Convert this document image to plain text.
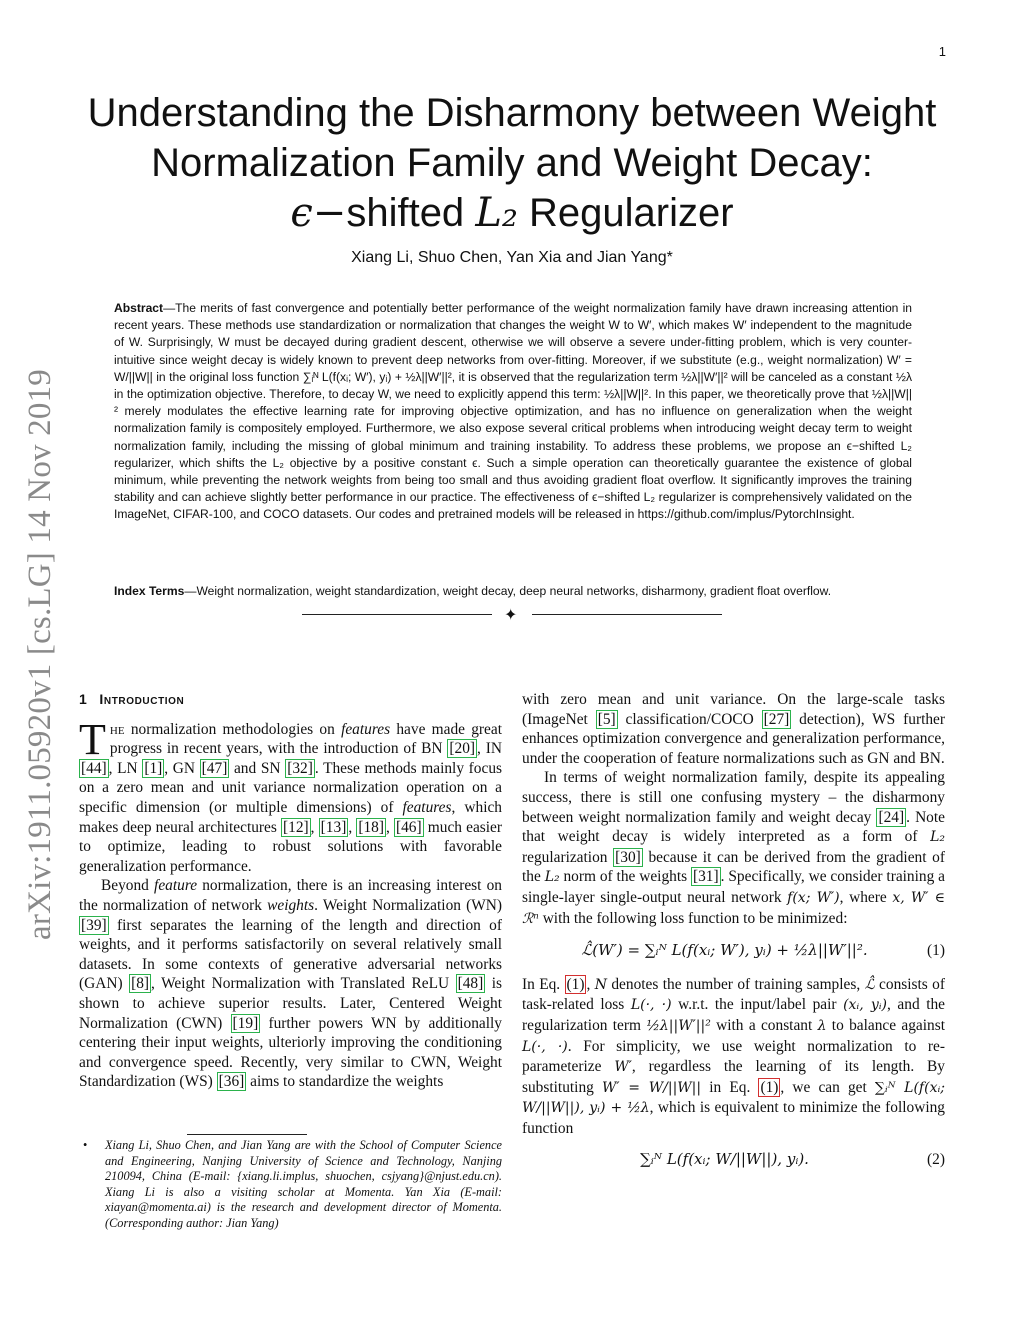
1
arXiv:1911.05920v1 [cs.LG] 14 Nov 2019
Understanding the Disharmony between Weight
Normalization Family and Weight Decay:
ϵ−shifted L₂ Regularizer
Xiang Li, Shuo Chen, Yan Xia and Jian Yang*
Abstract—The merits of fast convergence and potentially better performance of the weight normalization family have drawn increasing attention in recent years. These methods use standardization or normalization that changes the weight W to W′, which makes W′ independent to the magnitude of W. Surprisingly, W must be decayed during gradient descent, otherwise we will observe a severe under-fitting problem, which is very counter-intuitive since weight decay is widely known to prevent deep networks from over-fitting. Moreover, if we substitute (e.g., weight normalization) W′ = W/||W|| in the original loss function ∑ᵢᴺ L(f(xᵢ; W′), yᵢ) + ½λ||W′||², it is observed that the regularization term ½λ||W′||² will be canceled as a constant ½λ in the optimization objective. Therefore, to decay W, we need to explicitly append this term: ½λ||W||². In this paper, we theoretically prove that ½λ||W||² merely modulates the effective learning rate for improving objective optimization, and has no influence on generalization when the weight normalization family is compositely employed. Furthermore, we also expose several critical problems when introducing weight decay term to weight normalization family, including the missing of global minimum and training instability. To address these problems, we propose an ϵ−shifted L₂ regularizer, which shifts the L₂ objective by a positive constant ϵ. Such a simple operation can theoretically guarantee the existence of global minimum, while preventing the network weights from being too small and thus avoiding gradient float overflow. It significantly improves the training stability and can achieve slightly better performance in our practice. The effectiveness of ϵ−shifted L₂ regularizer is comprehensively validated on the ImageNet, CIFAR-100, and COCO datasets. Our codes and pretrained models will be released in https://github.com/implus/PytorchInsight.
Index Terms—Weight normalization, weight standardization, weight decay, deep neural networks, disharmony, gradient float overflow.
✦
1 Introduction

The normalization methodologies on features have made great progress in recent years, with the introduction of BN [20] , IN [44] , LN [1] , GN [47] and SN [32] . These methods mainly focus on a zero mean and unit variance normalization operation on a specific dimension (or multiple dimensions) of features, which makes deep neural architectures [12] , [13] , [18] , [46] much easier to optimize, leading to robust solutions with favorable generalization performance.

Beyond feature normalization, there is an increasing interest on the normalization of network weights. Weight Normalization (WN) [39] first separates the learning of the length and direction of weights, and it performs satisfactorily on several relatively small datasets. In some contexts of generative adversarial networks (GAN) [8] , Weight Normalization with Translated ReLU [48] is shown to achieve superior results. Later, Centered Weight Normalization (CWN) [19] further powers WN by additionally centering their input weights, ulteriorly improving the conditioning and convergence speed. Recently, very similar to CWN, Weight Standardization (WS) [36] aims to standardize the weights

• Xiang Li, Shuo Chen, and Jian Yang are with the School of Computer Science and Engineering, Nanjing University of Science and Technology, Nanjing 210094, China (E-mail: {xiang.li.implus, shuochen, csjyang}@njust.edu.cn). Xiang Li is also a visiting scholar at Momenta. Yan Xia (E-mail: xiayan@momenta.ai) is the research and development director of Momenta. (Corresponding author: Jian Yang)

with zero mean and unit variance. On the large-scale tasks (ImageNet [5] classification/COCO [27] detection), WS further enhances optimization convergence and generalization performance, under the cooperation of feature normalizations such as GN and BN.

In terms of weight normalization family, despite its appealing success, there is still one confusing mystery – the disharmony between weight normalization family and weight decay [24] . Note that weight decay is widely interpreted as a form of L₂ regularization [30] because it can be derived from the gradient of the L₂ norm of the weights [31] . Specifically, we consider training a single-layer single-output neural network f(x; W′), where x, W′ ∈ ℛⁿ with the following loss function to be minimized:

ℒ̂(W′) = ∑ᵢᴺ L(f(xᵢ; W′), yᵢ) + ½λ||W′||².	(1)

In Eq. (1) , N denotes the number of training samples, ℒ̂ consists of task-related loss L(·, ·) w.r.t. the input/label pair (xᵢ, yᵢ), and the regularization term ½λ||W′||² with a constant λ to balance against L(·, ·). For simplicity, we use weight normalization to re-parameterize W′, regardless the learning of its length. By substituting W′ = W/||W|| in Eq. (1) , we can get ∑ᵢᴺ L(f(xᵢ; W/||W||), yᵢ) + ½λ, which is equivalent to minimize the following function

∑ᵢᴺ L(f(xᵢ; W/||W||), yᵢ).	(2)
